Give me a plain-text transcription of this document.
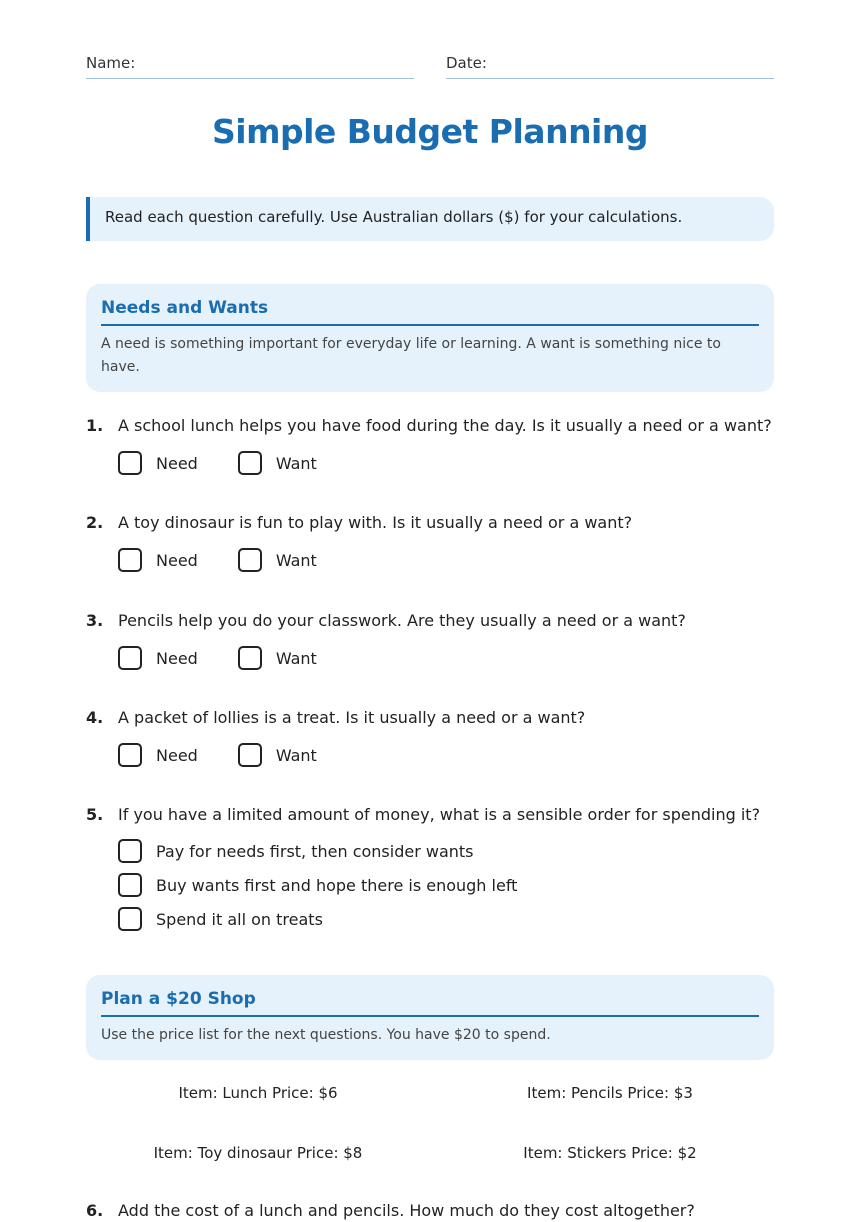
Name:	Date:
Simple Budget Planning
Read each question carefully. Use Australian dollars ($) for your calculations.
Needs and Wants
A need is something important for everyday life or learning. A want is something nice to have.
1. A school lunch helps you have food during the day. Is it usually a need or a want?
Need	Want
2. A toy dinosaur is fun to play with. Is it usually a need or a want?
Need	Want
3. Pencils help you do your classwork. Are they usually a need or a want?
Need	Want
4. A packet of lollies is a treat. Is it usually a need or a want?
Need	Want
5. If you have a limited amount of money, what is a sensible order for spending it?
Pay for needs first, then consider wants
Buy wants first and hope there is enough left
Spend it all on treats
Plan a $20 Shop
Use the price list for the next questions. You have $20 to spend.
Item: Lunch Price: $6	Item: Pencils Price: $3
Item: Toy dinosaur Price: $8	Item: Stickers Price: $2
6. Add the cost of a lunch and pencils. How much do they cost altogether?
